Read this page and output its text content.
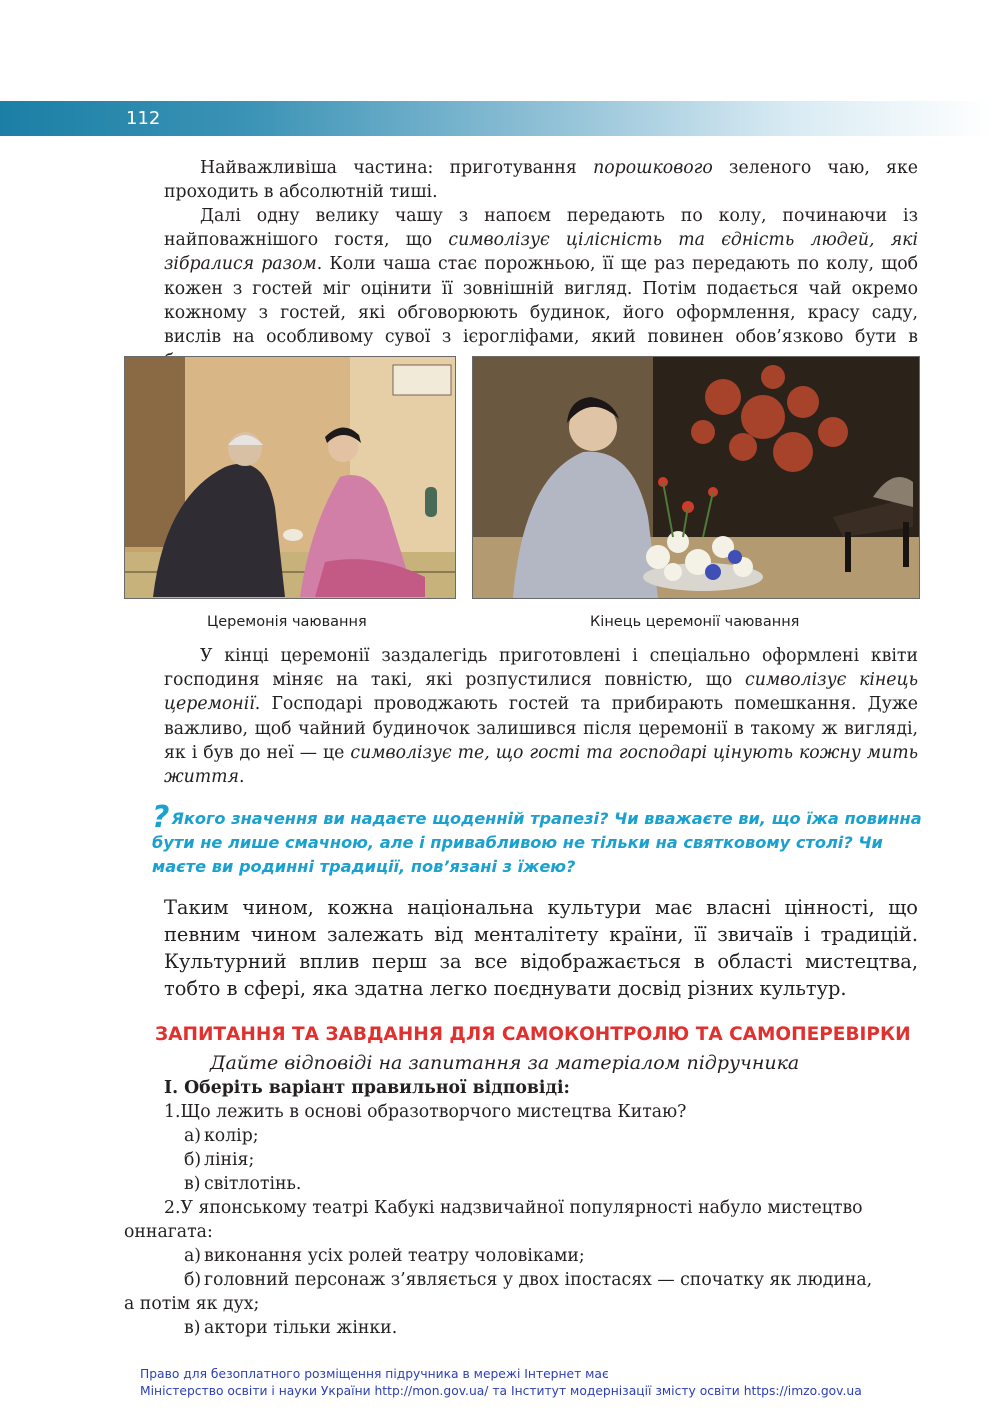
112

Найважливіша частина: приготування порошкового зеленого чаю, яке проходить в абсолютній тиші.

Далі одну велику чашу з напоєм передають по колу, починаючи із найповажнішого гостя, що символізує цілісність та єдність людей, які зібралися разом. Коли чаша стає порожньою, її ще раз передають по колу, щоб кожен з гостей міг оцінити її зовнішній вигляд. Потім подається чай окремо кожному з гостей, які обговорюють будинок, його оформлення, красу саду, вислів на особливому сувої з ієрогліфами, який повинен обов’язково бути в

Церемонія чаювання	Кінець церемонії чаювання

У кінці церемонії заздалегідь приготовлені і спеціально оформлені квіти господиня міняє на такі, які розпустилися повністю, що символізує кінець церемонії. Господарі проводжають гостей та прибирають помешкання. Дуже важливо, щоб чайний будиночок залишився після церемонії в такому ж вигляді, як і був до неї — це символізує те, що гості та господарі цінують кожну мить життя.

? Якого значення ви надаєте щоденній трапезі? Чи вважаєте ви, що їжа повинна бути не лише смачною, але і привабливою не тільки на святковому столі? Чи маєте ви родинні традиції, пов’язані з їжею?

Таким чином, кожна національна культури має власні цінності, що певним чином залежать від менталітету країни, її звичаїв і традицій. Культурний вплив перш за все відображається в області мистецтва, тобто в сфері, яка здатна легко поєднувати досвід різних культур.

ЗАПИТАННЯ ТА ЗАВДАННЯ ДЛЯ САМОКОНТРОЛЮ ТА САМОПЕРЕВІРКИ
Дайте відповіді на запитання за матеріалом підручника
І. Оберіть варіант правильної відповіді:
1.Що лежить в основі образотворчого мистецтва Китаю?
а) колір;
б) лінія;
в) світлотінь.
2.У японському театрі Кабукі надзвичайної популярності набуло мистецтво
оннагата:
а) виконання усіх ролей театру чоловіками;
б) головний персонаж з’являється у двох іпостасях — спочатку як людина,
а потім як дух;
в) актори тільки жінки.
Право для безоплатного розміщення підручника в мережі Інтернет має
Міністерство освіти і науки України http://mon.gov.ua/ та Інститут модернізації змісту освіти https://imzo.gov.ua
